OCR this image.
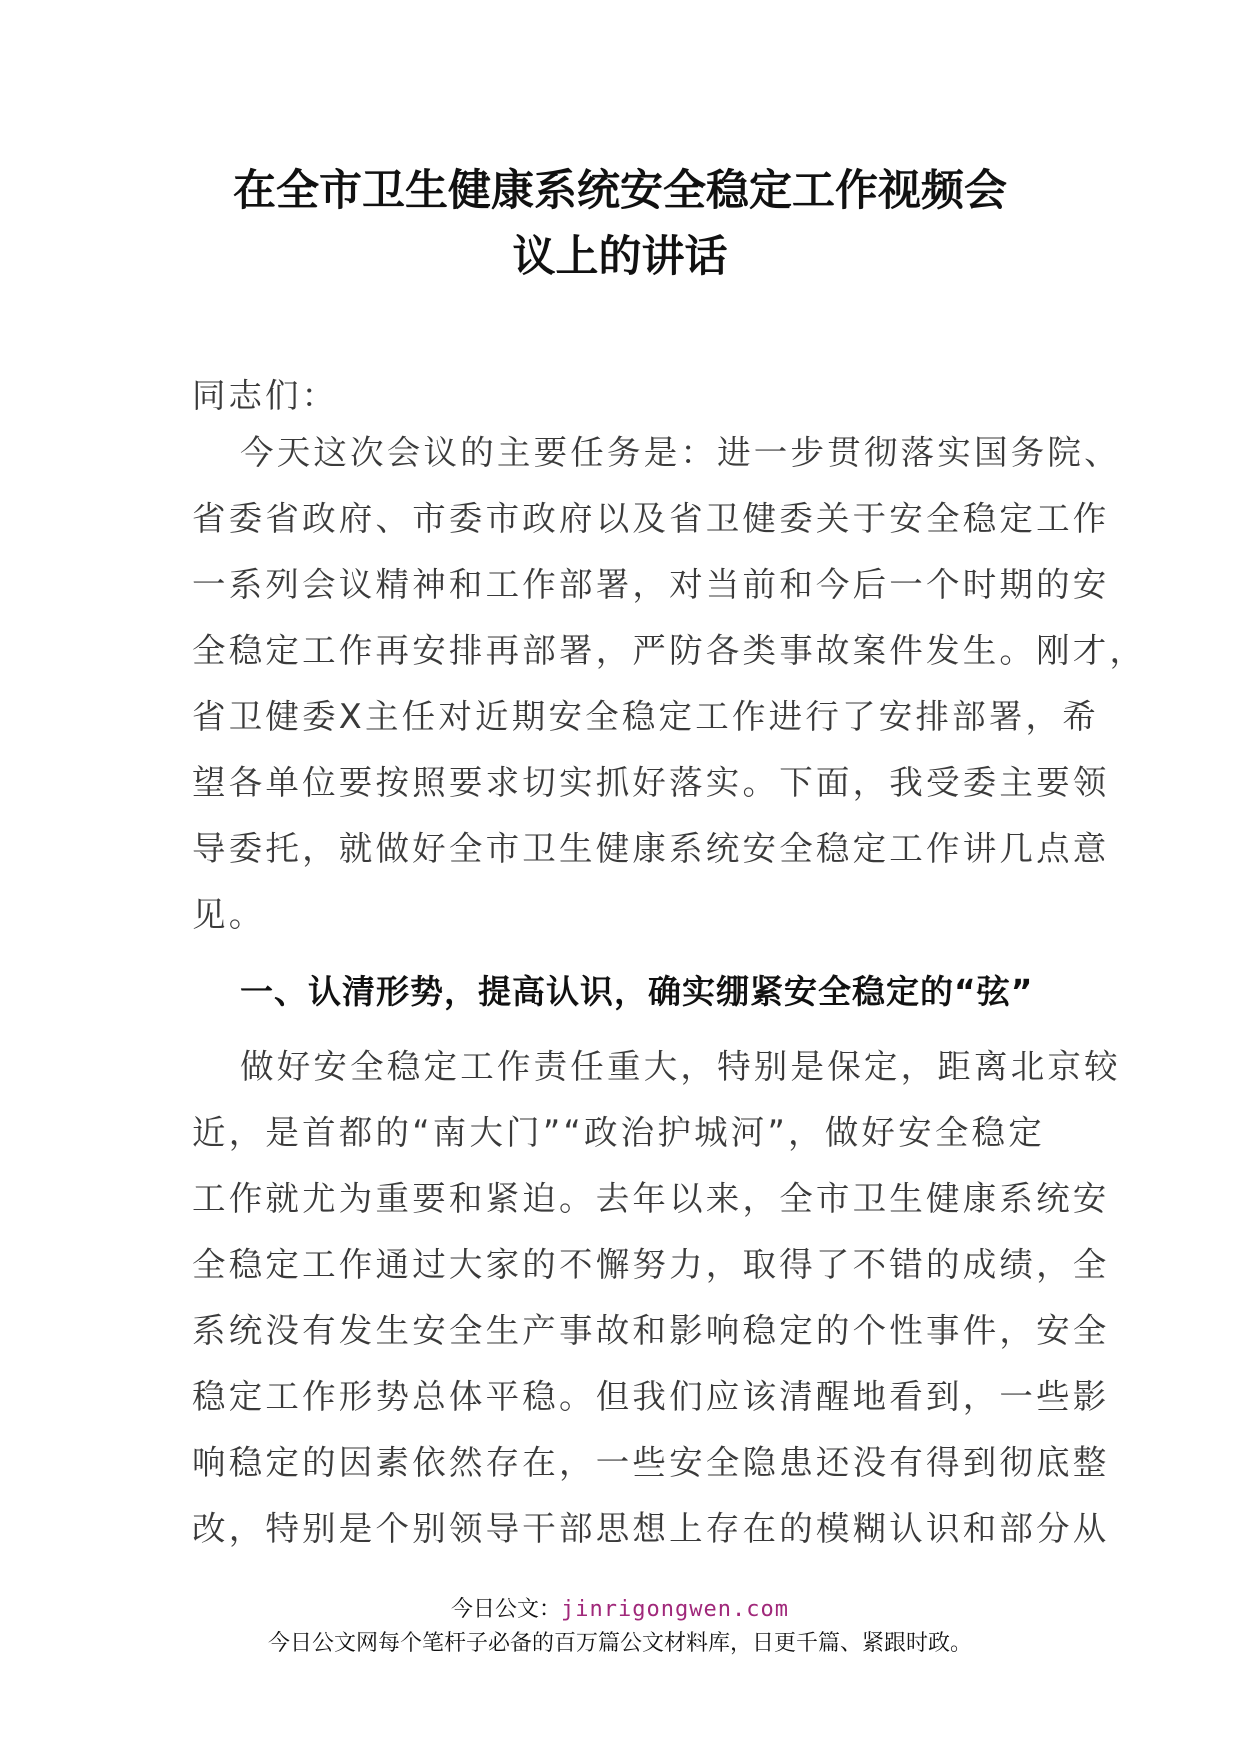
在全市卫生健康系统安全稳定工作视频会
议上的讲话
同志们：
今天这次会议的主要任务是：进一步贯彻落实国务院、
省委省政府、市委市政府以及省卫健委关于安全稳定工作
一系列会议精神和工作部署，对当前和今后一个时期的安
全稳定工作再安排再部署，严防各类事故案件发生。刚才，
省卫健委X主任对近期安全稳定工作进行了安排部署，希
望各单位要按照要求切实抓好落实。下面，我受委主要领
导委托，就做好全市卫生健康系统安全稳定工作讲几点意
见。
一、认清形势，提高认识，确实绷紧安全稳定的“弦”
做好安全稳定工作责任重大，特别是保定，距离北京较
近，是首都的“南大门”“政治护城河”，做好安全稳定
工作就尤为重要和紧迫。去年以来，全市卫生健康系统安
全稳定工作通过大家的不懈努力，取得了不错的成绩，全
系统没有发生安全生产事故和影响稳定的个性事件，安全
稳定工作形势总体平稳。但我们应该清醒地看到，一些影
响稳定的因素依然存在，一些安全隐患还没有得到彻底整
改，特别是个别领导干部思想上存在的模糊认识和部分从
今日公文：jinrigongwen.com
今日公文网每个笔杆子必备的百万篇公文材料库，日更千篇、紧跟时政。
